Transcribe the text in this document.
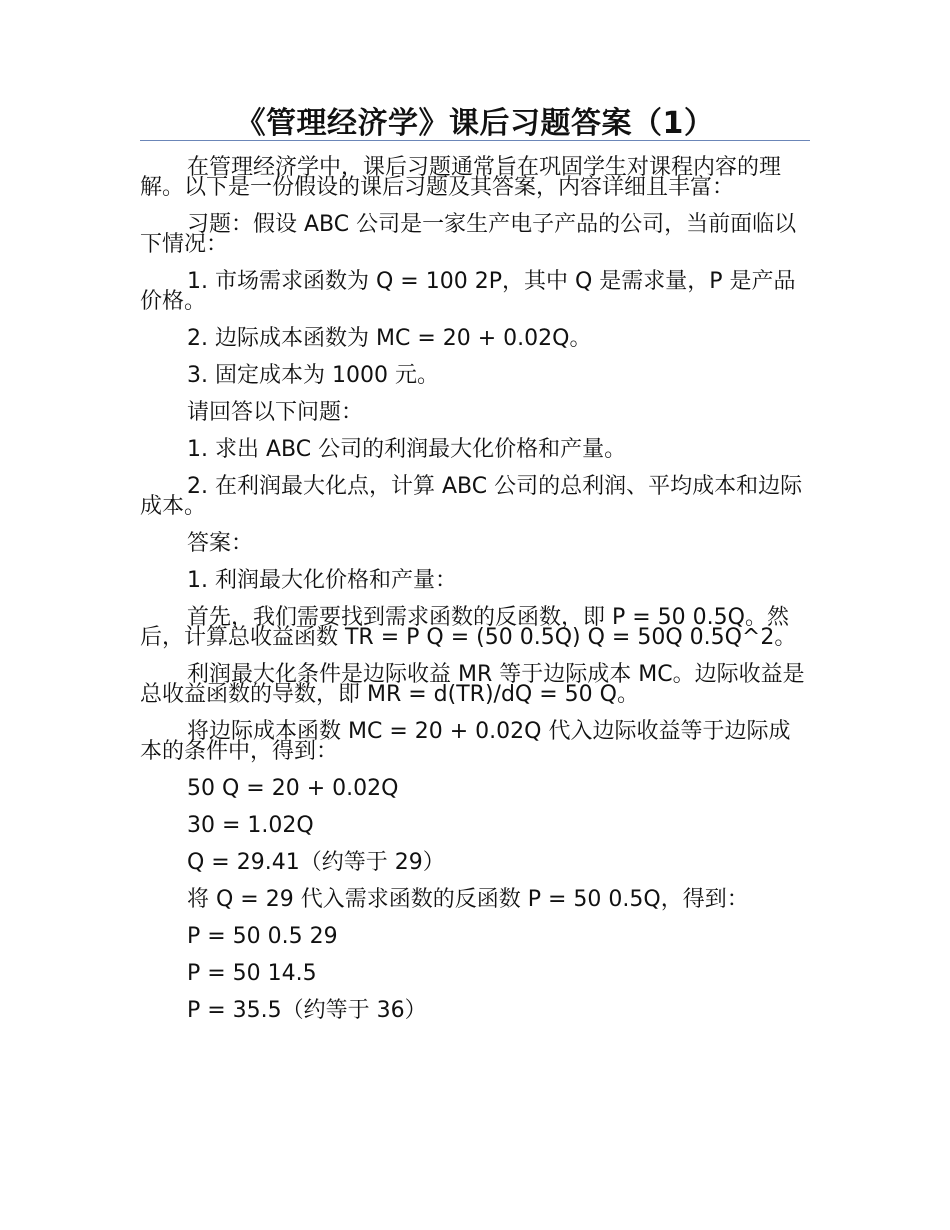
《管理经济学》课后习题答案（1）

在管理经济学中，课后习题通常旨在巩固学生对课程内容的理解。以下是一份假设的课后习题及其答案，内容详细且丰富：

习题：假设 ABC 公司是一家生产电子产品的公司，当前面临以下情况：

1. 市场需求函数为 Q = 100 2P，其中 Q 是需求量，P 是产品价格。

2. 边际成本函数为 MC = 20 + 0.02Q。

3. 固定成本为 1000 元。

请回答以下问题：

1. 求出 ABC 公司的利润最大化价格和产量。

2. 在利润最大化点，计算 ABC 公司的总利润、平均成本和边际成本。

答案：

1. 利润最大化价格和产量：

首先，我们需要找到需求函数的反函数，即 P = 50 0.5Q。然后，计算总收益函数 TR = P Q = (50 0.5Q) Q = 50Q 0.5Q^2。

利润最大化条件是边际收益 MR 等于边际成本 MC。边际收益是总收益函数的导数，即 MR = d(TR)/dQ = 50 Q。

将边际成本函数 MC = 20 + 0.02Q 代入边际收益等于边际成本的条件中，得到：

50 Q = 20 + 0.02Q

30 = 1.02Q

Q = 29.41（约等于 29）

将 Q = 29 代入需求函数的反函数 P = 50 0.5Q，得到：

P = 50 0.5 29

P = 50 14.5

P = 35.5（约等于 36）
